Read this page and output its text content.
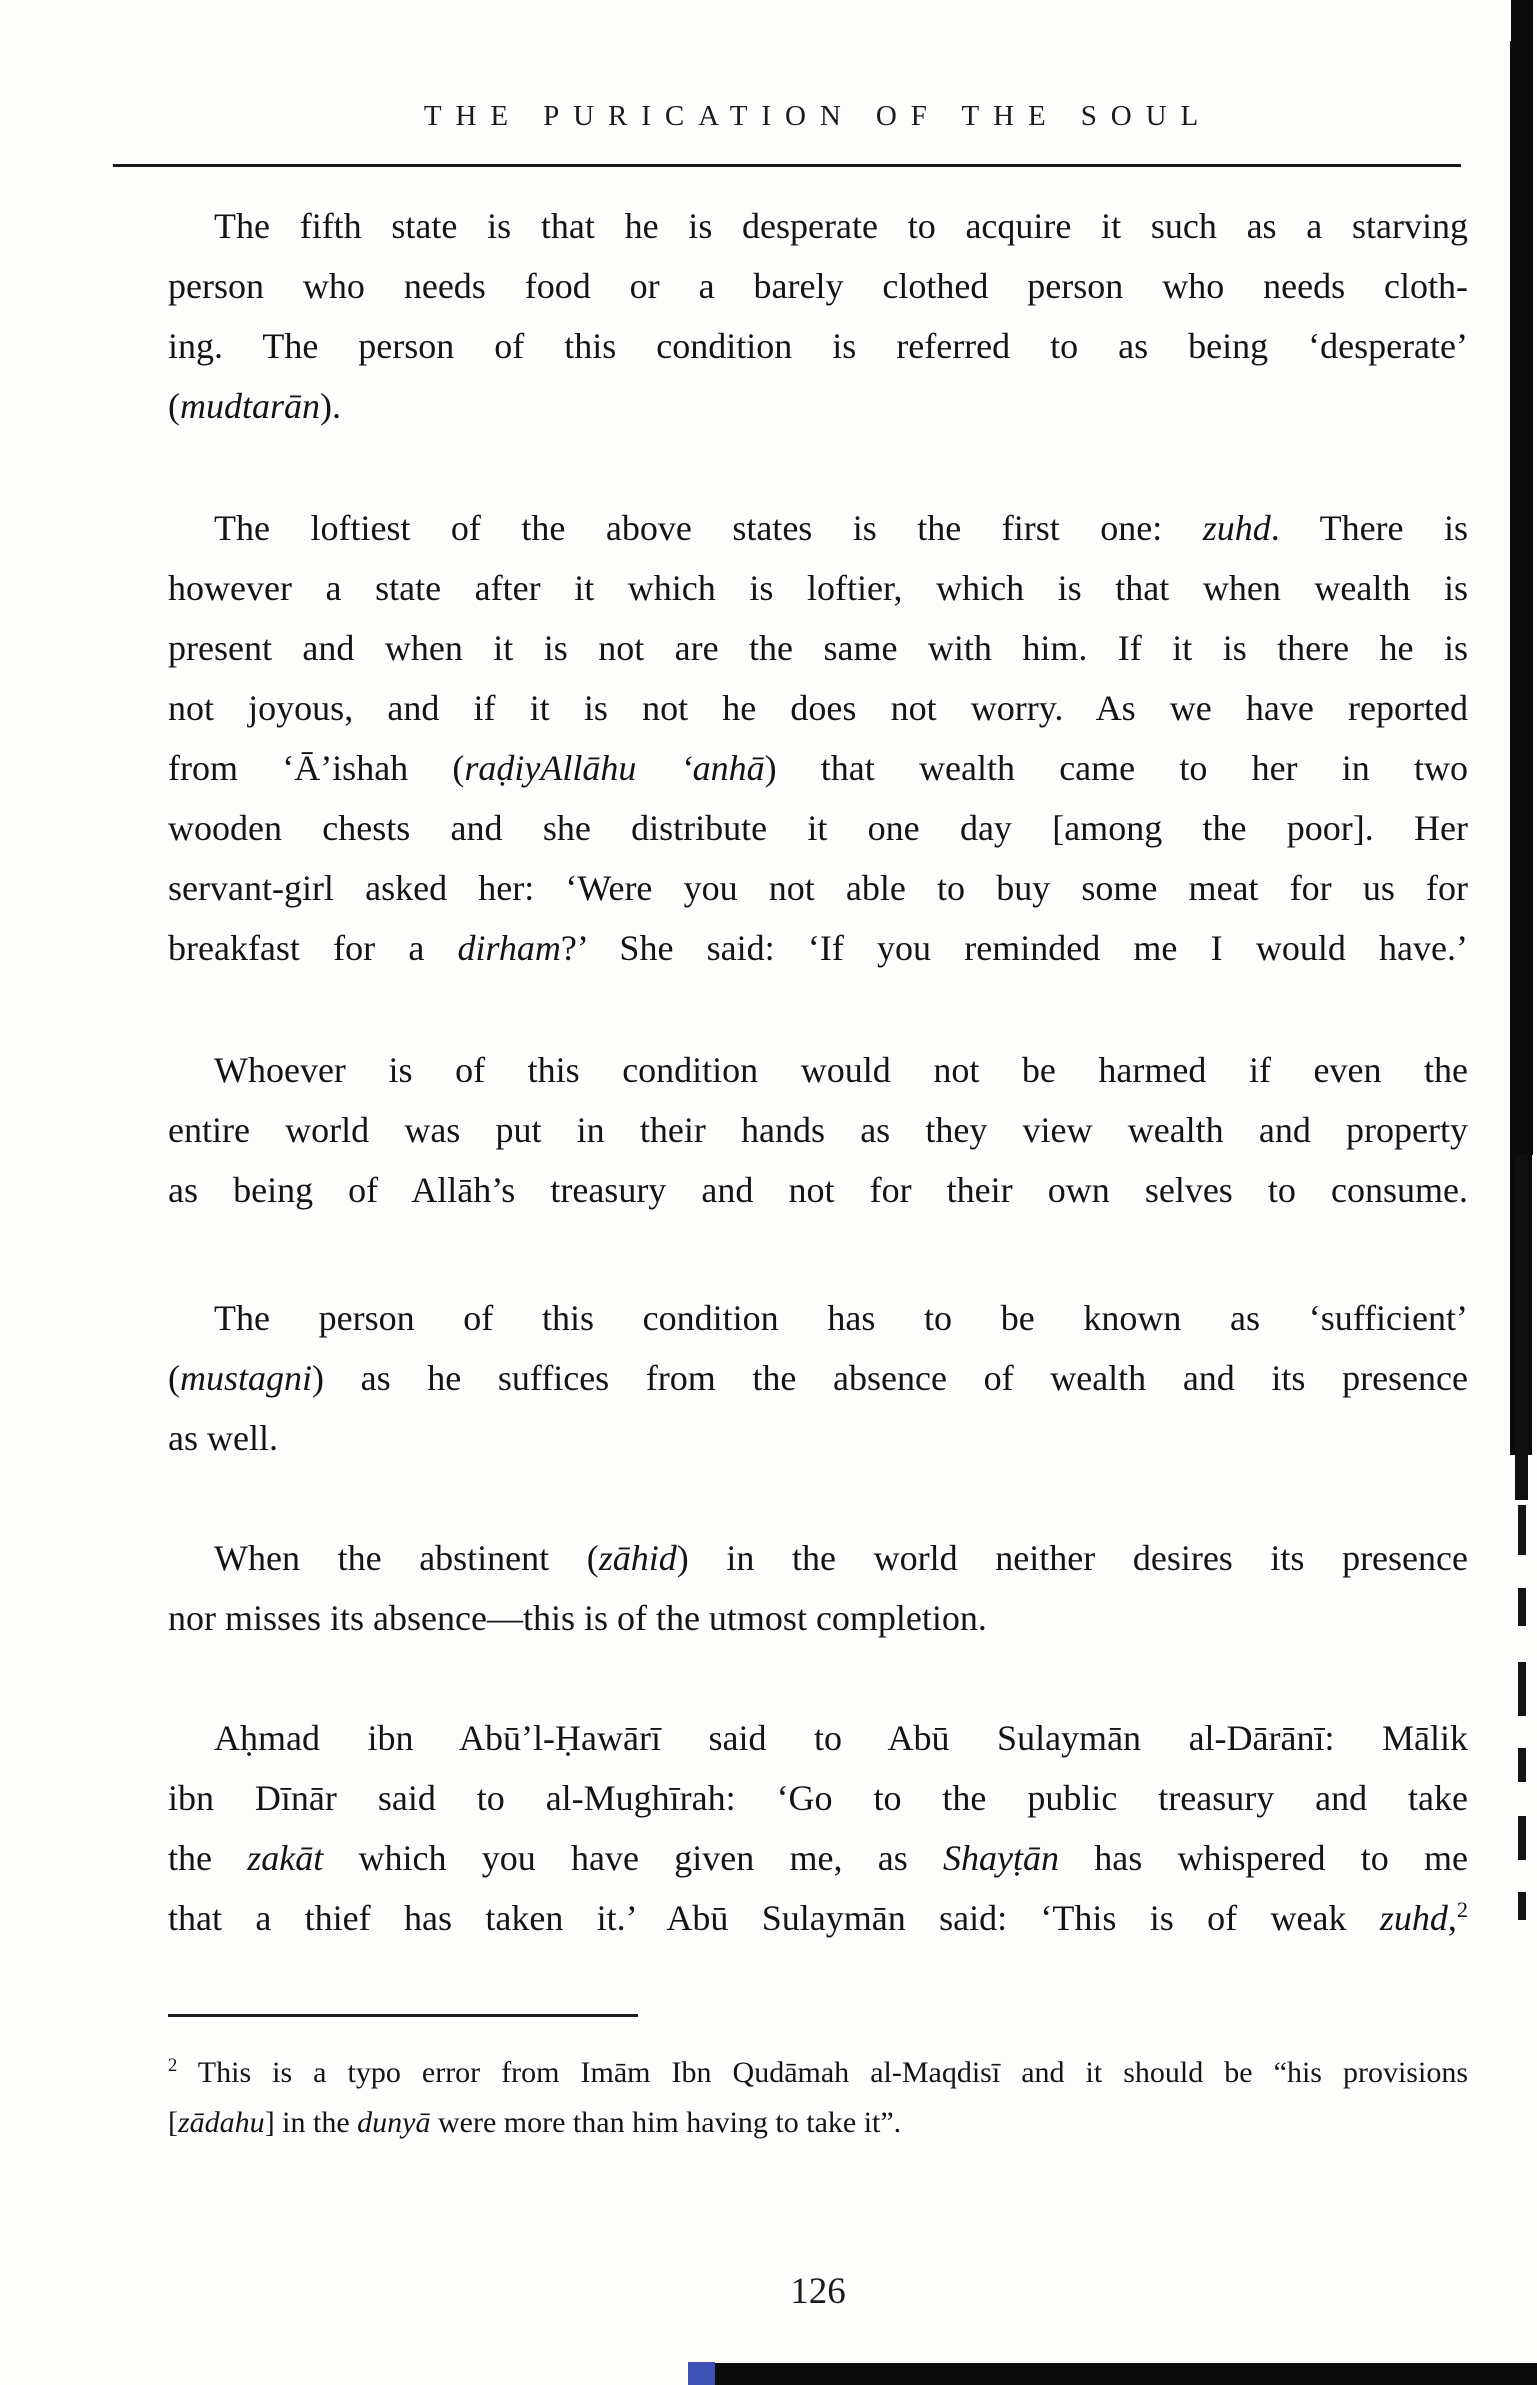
THE PURICATION OF THE SOUL
The fifth state is that he is desperate to acquire it such as a starving
person who needs food or a barely clothed person who needs cloth-
ing. The person of this condition is referred to as being ‘desperate’
(mudtarān).
The loftiest of the above states is the first one: zuhd. There is
however a state after it which is loftier, which is that when wealth is
present and when it is not are the same with him. If it is there he is
not joyous, and if it is not he does not worry. As we have reported
from ‘Ā’ishah (raḍiyAllāhu ‘anhā) that wealth came to her in two
wooden chests and she distribute it one day [among the poor]. Her
servant-girl asked her: ‘Were you not able to buy some meat for us for
breakfast for a dirham?’ She said: ‘If you reminded me I would have.’
Whoever is of this condition would not be harmed if even the
entire world was put in their hands as they view wealth and property
as being of Allāh’s treasury and not for their own selves to consume.
The person of this condition has to be known as ‘sufficient’
(mustagni) as he suffices from the absence of wealth and its presence
as well.
When the abstinent (zāhid) in the world neither desires its presence
nor misses its absence—this is of the utmost completion.
Aḥmad ibn Abū’l-Ḥawārī said to Abū Sulaymān al-Dārānī: Mālik
ibn Dīnār said to al-Mughīrah: ‘Go to the public treasury and take
the zakāt which you have given me, as Shayṭān has whispered to me
that a thief has taken it.’ Abū Sulaymān said: ‘This is of weak zuhd,$^2$
$^2$ This is a typo error from Imām Ibn Qudāmah al-Maqdisī and it should be “his provisions
[zādahu] in the dunyā were more than him having to take it”.
126
